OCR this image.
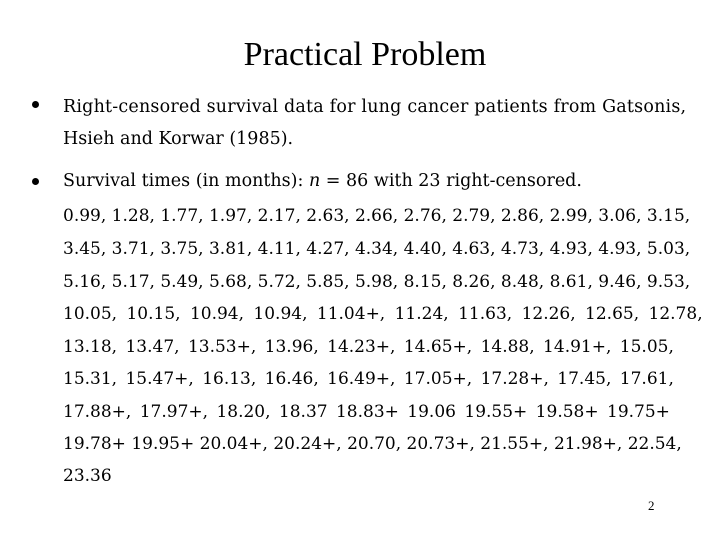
Practical Problem
Right-censored survival data for lung cancer patients from Gatsonis,
Hsieh and Korwar (1985).
Survival times (in months): n = 86 with 23 right-censored.
0.99, 1.28, 1.77, 1.97, 2.17, 2.63, 2.66, 2.76, 2.79, 2.86, 2.99, 3.06, 3.15,
3.45, 3.71, 3.75, 3.81, 4.11, 4.27, 4.34, 4.40, 4.63, 4.73, 4.93, 4.93, 5.03,
5.16, 5.17, 5.49, 5.68, 5.72, 5.85, 5.98, 8.15, 8.26, 8.48, 8.61, 9.46, 9.53,
10.05, 10.15, 10.94, 10.94, 11.04+, 11.24, 11.63, 12.26, 12.65, 12.78,
13.18, 13.47, 13.53+, 13.96, 14.23+, 14.65+, 14.88, 14.91+, 15.05,
15.31, 15.47+, 16.13, 16.46, 16.49+, 17.05+, 17.28+, 17.45, 17.61,
17.88+, 17.97+, 18.20, 18.37 18.83+ 19.06 19.55+ 19.58+ 19.75+
19.78+ 19.95+ 20.04+, 20.24+, 20.70, 20.73+, 21.55+, 21.98+, 22.54,
23.36
2
